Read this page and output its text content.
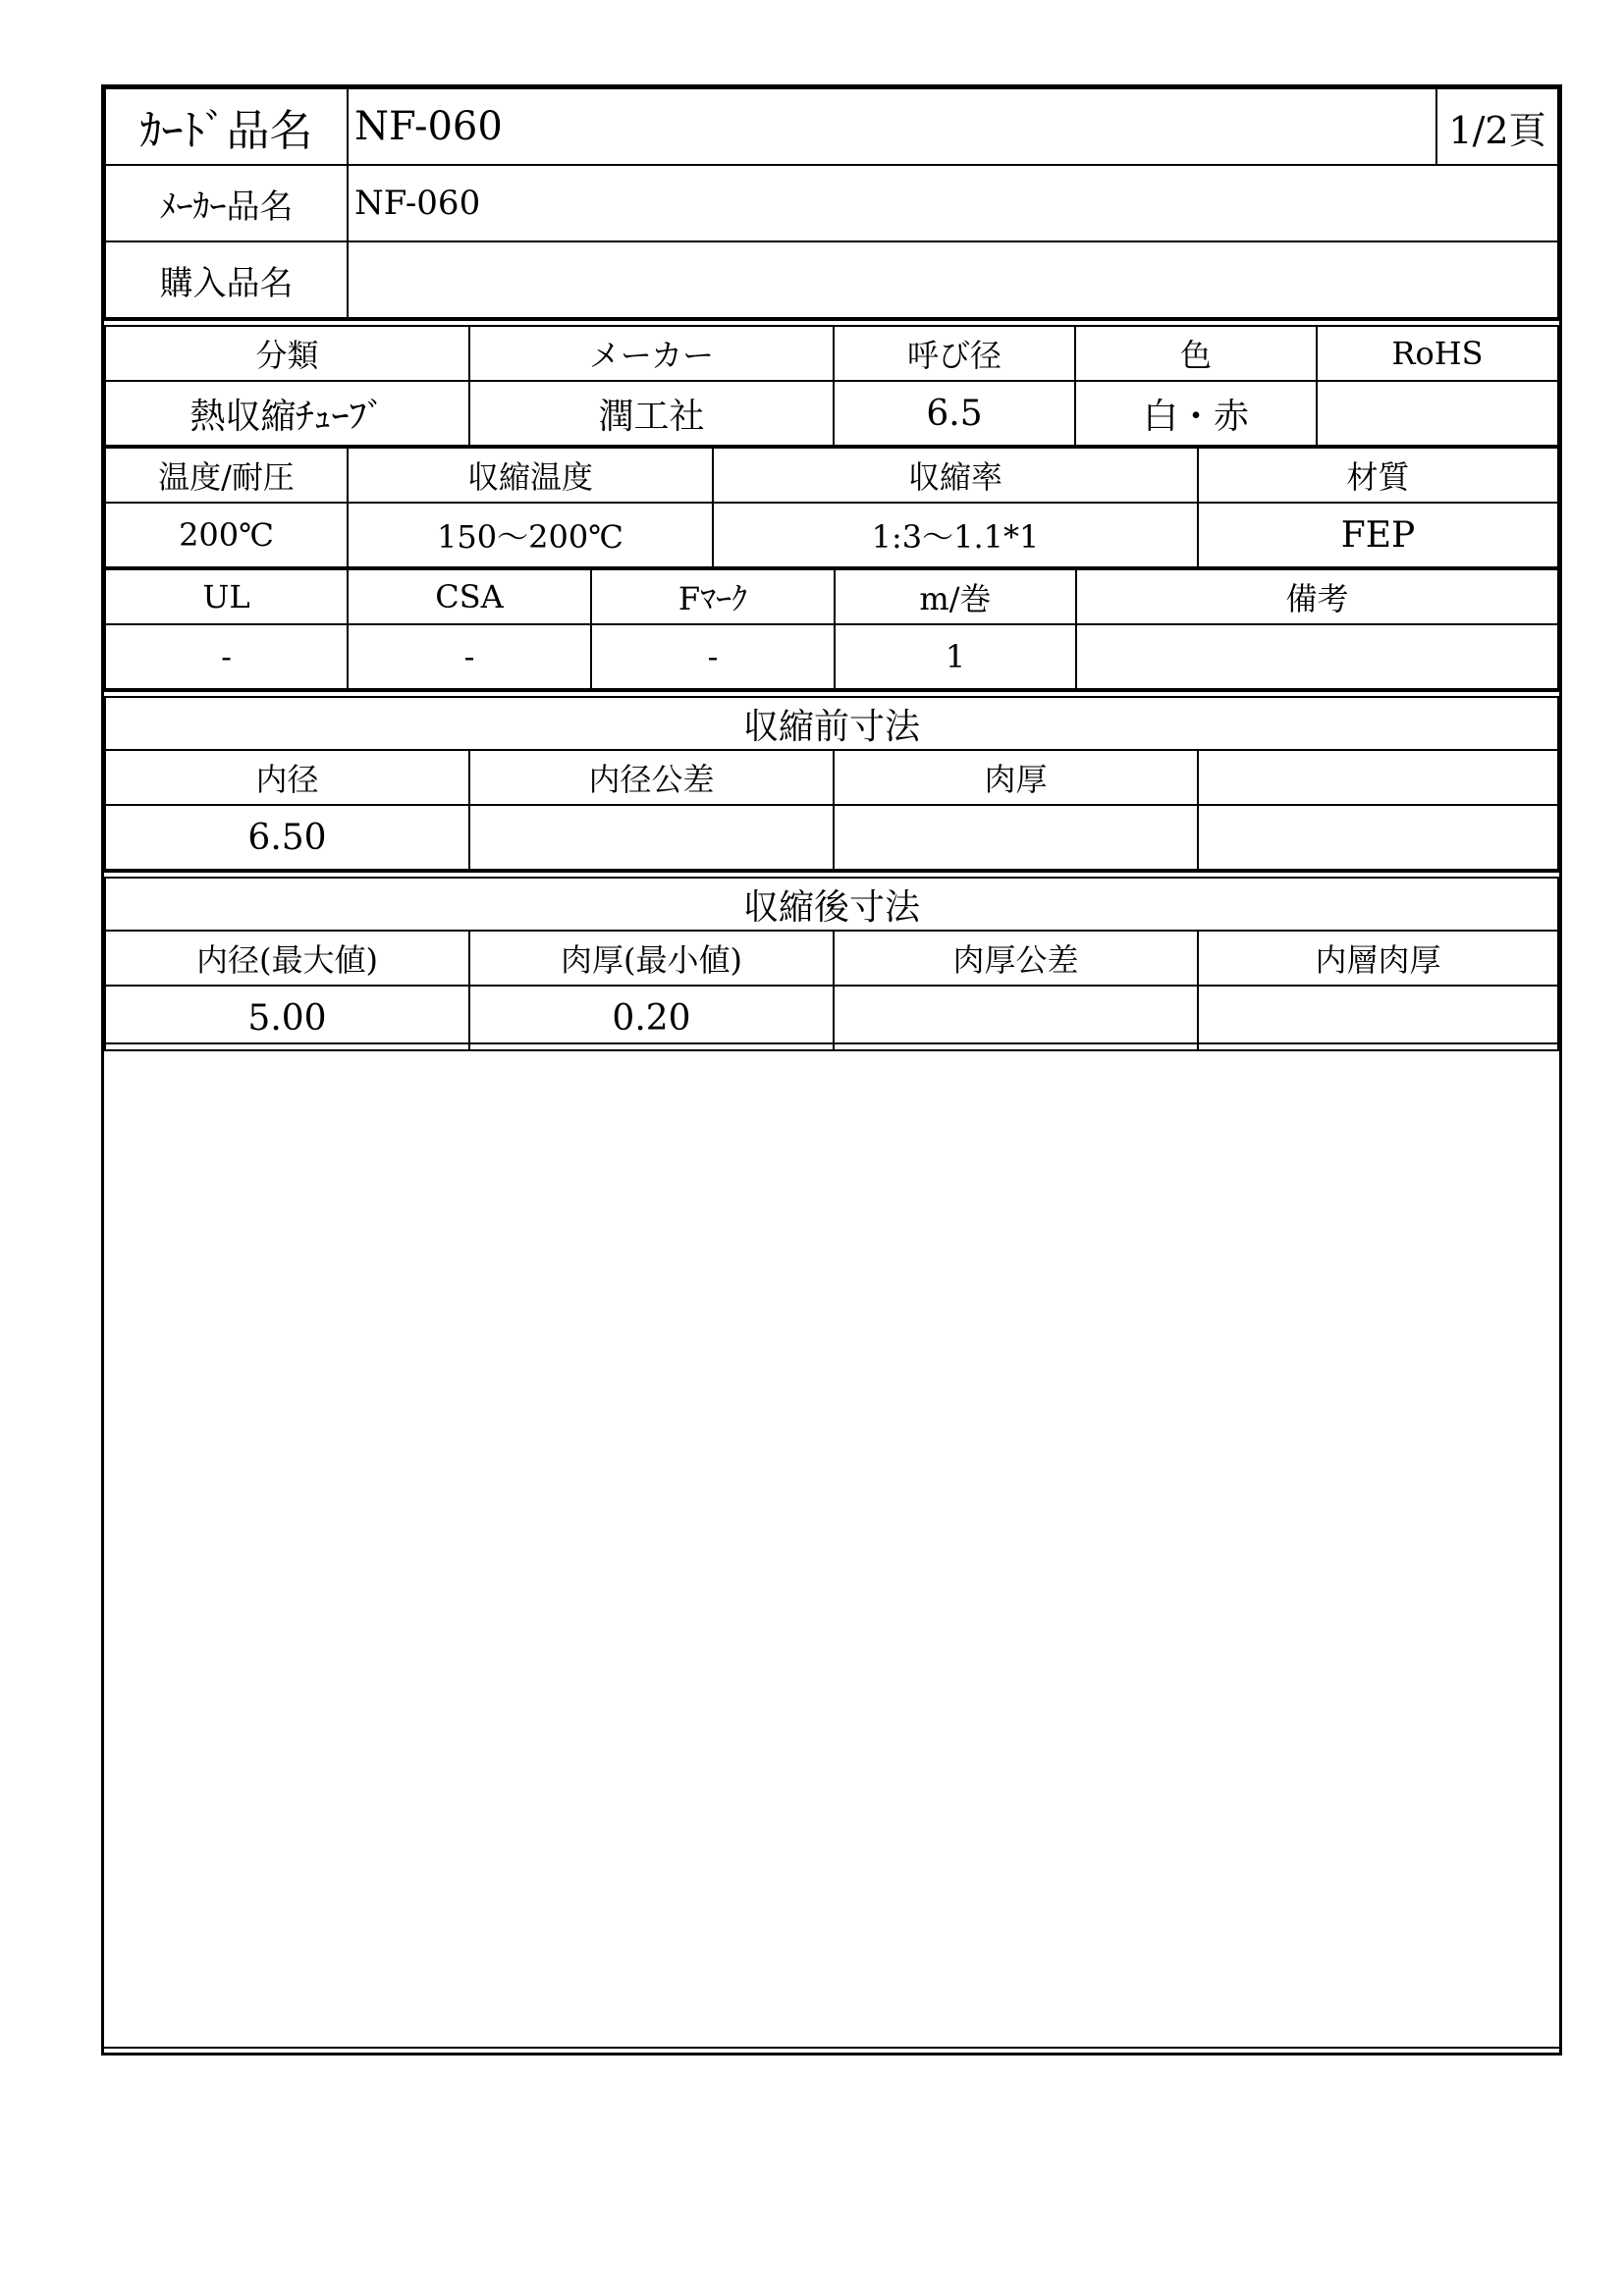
ｶｰﾄﾞ品名	NF-060	1/2頁
ﾒｰｶｰ品名	NF-060	
購入品名		
分類	メーカー	呼び径	色	RoHS
熱収縮ﾁｭｰﾌﾞ	潤工社	6.5	白・赤	
温度/耐圧	収縮温度	収縮率	材質
200℃	150～200℃	1:3～1.1*1	FEP
UL	CSA	Fﾏｰｸ	m/巻	備考
-	-	-	1	
収縮前寸法			
内径	内径公差	肉厚	
6.50			
収縮後寸法			
内径(最大値)	肉厚(最小値)	肉厚公差	内層肉厚
5.00	0.20		
